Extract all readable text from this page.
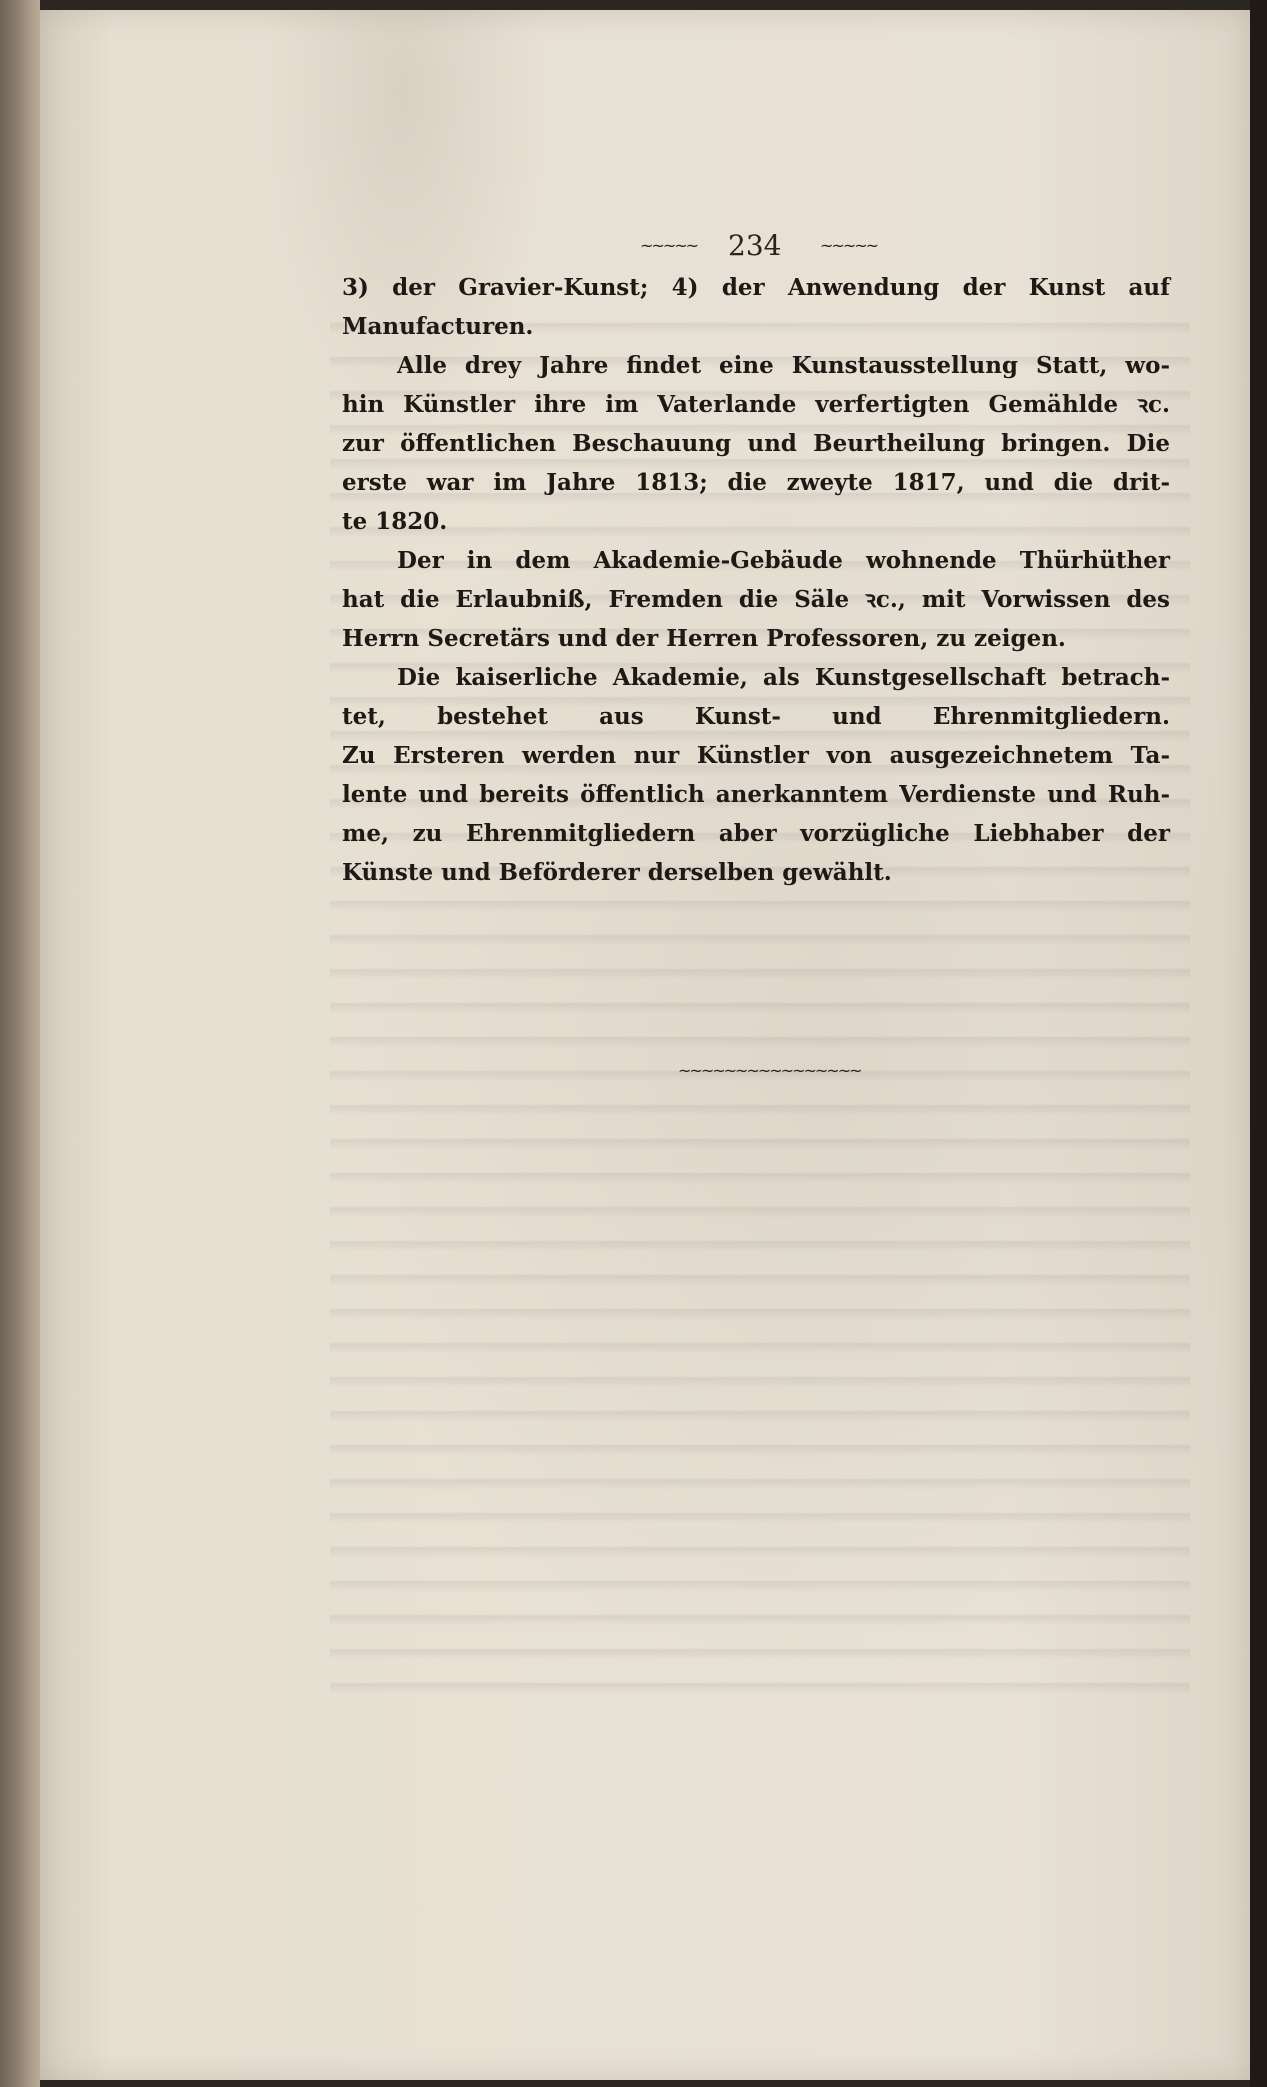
~~~~~ 234 ~~~~~
3) der Gravier-Kunst; 4) der Anwendung der Kunst auf
Manufacturen.
Alle drey Jahre findet eine Kunstausstellung Statt, wo-
hin Künstler ihre im Vaterlande verfertigten Gemählde ꝛc.
zur öffentlichen Beschauung und Beurtheilung bringen. Die
erste war im Jahre 1813; die zweyte 1817, und die drit-
te 1820.
Der in dem Akademie-Gebäude wohnende Thürhüther
hat die Erlaubniß, Fremden die Säle ꝛc., mit Vorwissen des
Herrn Secretärs und der Herren Professoren, zu zeigen.
Die kaiserliche Akademie, als Kunstgesellschaft betrach-
tet, bestehet aus Kunst- und Ehrenmitgliedern.
Zu Ersteren werden nur Künstler von ausgezeichnetem Ta-
lente und bereits öffentlich anerkanntem Verdienste und Ruh-
me, zu Ehrenmitgliedern aber vorzügliche Liebhaber der
Künste und Beförderer derselben gewählt.
~~~~~~~~~~~~~~~~
